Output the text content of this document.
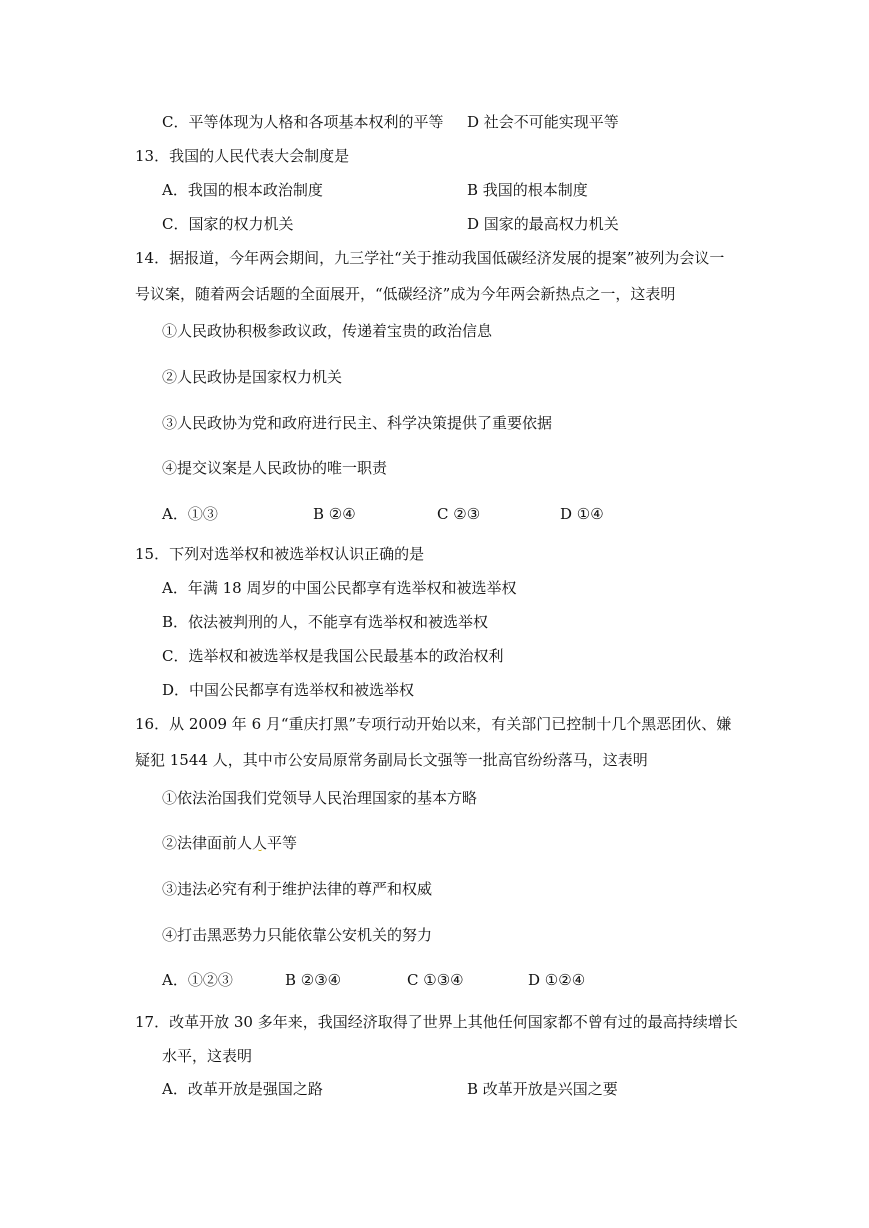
C．平等体现为人格和各项基本权利的平等 D 社会不可能实现平等
13．我国的人民代表大会制度是
A．我国的根本政治制度	B 我国的根本制度
C．国家的权力机关	D 国家的最高权力机关
14．据报道，今年两会期间，九三学社“关于推动我国低碳经济发展的提案”被列为会议一
号议案，随着两会话题的全面展开，“低碳经济”成为今年两会新热点之一，这表明
①人民政协积极参政议政，传递着宝贵的政治信息
②人民政协是国家权力机关
③人民政协为党和政府进行民主、科学决策提供了重要依据
④提交议案是人民政协的唯一职责
A．①③	B ②④	C ②③	D ①④
15．下列对选举权和被选举权认识正确的是
A．年满 18 周岁的中国公民都享有选举权和被选举权
B．依法被判刑的人，不能享有选举权和被选举权
C．选举权和被选举权是我国公民最基本的政治权利
D．中国公民都享有选举权和被选举权
16．从 2009 年 6 月“重庆打黑”专项行动开始以来，有关部门已控制十几个黑恶团伙、嫌
疑犯 1544 人，其中市公安局原常务副局长文强等一批高官纷纷落马，这表明
①依法治国我们党领导人民治理国家的基本方略
②法律面前人人平等
③违法必究有利于维护法律的尊严和权威
④打击黑恶势力只能依靠公安机关的努力
A．①②③	B ②③④	C ①③④	D ①②④
17．改革开放 30 多年来，我国经济取得了世界上其他任何国家都不曾有过的最高持续增长
水平，这表明
A．改革开放是强国之路	B 改革开放是兴国之要
